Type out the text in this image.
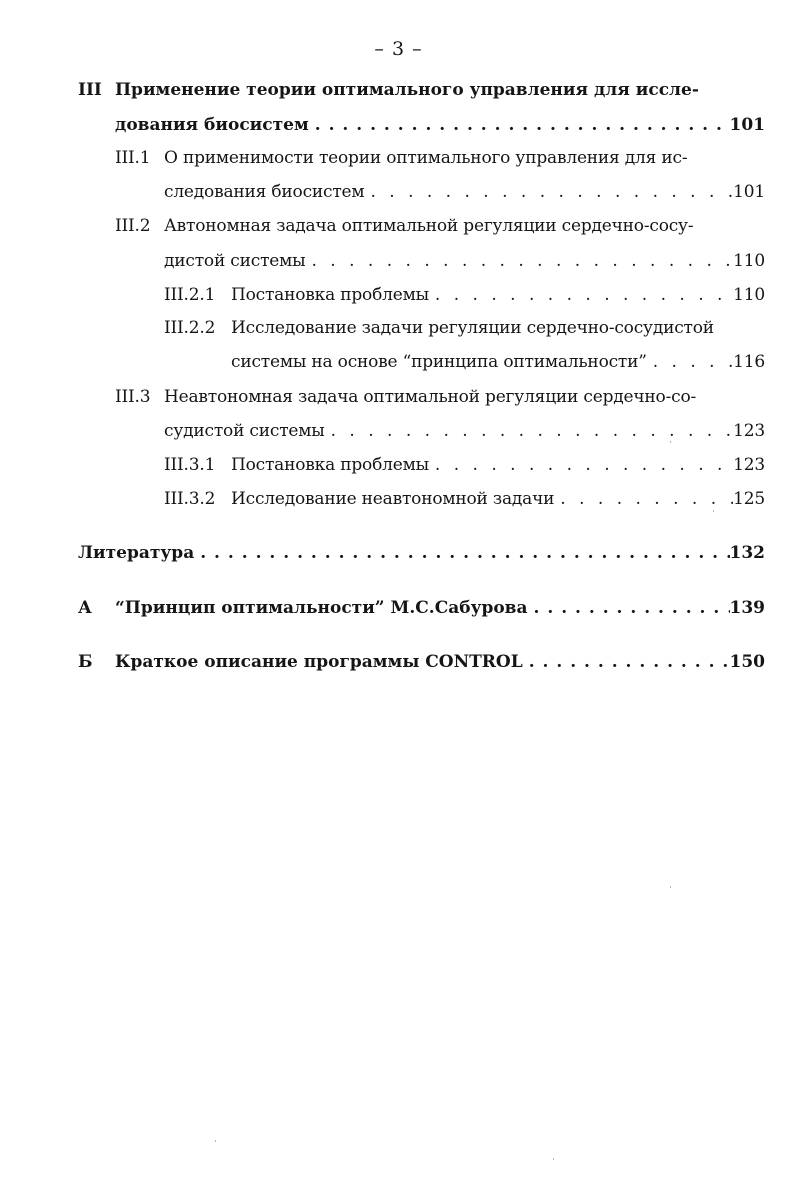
– 3 –
III Применение теории оптимального управления для иссле-
дования биосистем . . .	101
III.1 О применимости теории оптимального управления для ис-
следования биосистем . . .	101
III.2 Автономная задача оптимальной регуляции сердечно-сосу-
дистой системы . . .	110
III.2.1 Постановка проблемы . . .	110
III.2.2 Исследование задачи регуляции сердечно-сосудистой
системы на основе “принципа оптимальности” . . .	116
III.3 Неавтономная задача оптимальной регуляции сердечно-со-
судистой системы . . .	123
III.3.1 Постановка проблемы . . .	123
III.3.2 Исследование неавтономной задачи . . .	125
Литература . . .	132
А “Принцип оптимальности” М.С.Сабурова . . .	139
Б Краткое описание программы CONTROL . . .	150
